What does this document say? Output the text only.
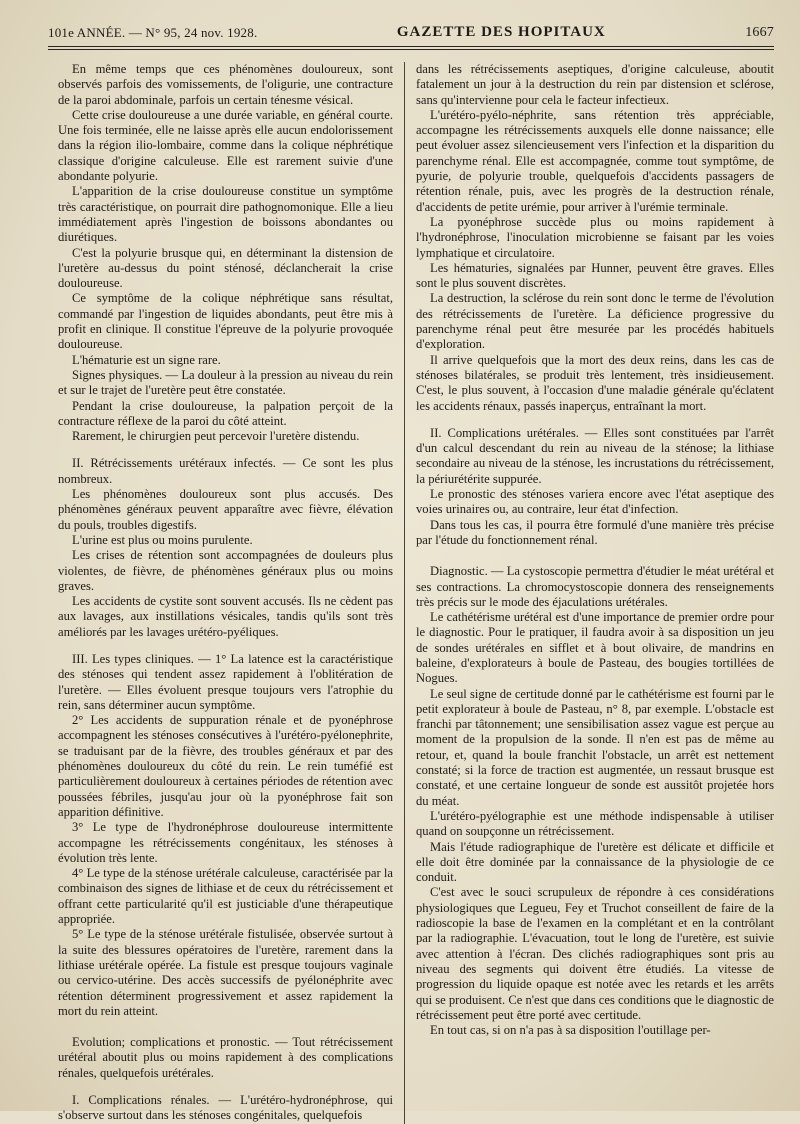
101e ANNÉE. — N° 95, 24 nov. 1928.	GAZETTE DES HOPITAUX	1667

En même temps que ces phénomènes douloureux, sont observés parfois des vomissements, de l'oligurie, une contracture de la paroi abdominale, parfois un certain ténesme vésical.

Cette crise douloureuse a une durée variable, en général courte. Une fois terminée, elle ne laisse après elle aucun endolorissement dans la région ilio-lombaire, comme dans la colique néphrétique classique d'origine calculeuse. Elle est rarement suivie d'une abondante polyurie.

L'apparition de la crise douloureuse constitue un symptôme très caractéristique, on pourrait dire pathognomonique. Elle a lieu immédiatement après l'ingestion de boissons abondantes ou diurétiques.

C'est la polyurie brusque qui, en déterminant la distension de l'uretère au-dessus du point sténosé, déclancherait la crise douloureuse.

Ce symptôme de la colique néphrétique sans résultat, commandé par l'ingestion de liquides abondants, peut être mis à profit en clinique. Il constitue l'épreuve de la polyurie provoquée douloureuse.

L'hématurie est un signe rare.

Signes physiques. — La douleur à la pression au niveau du rein et sur le trajet de l'uretère peut être constatée.

Pendant la crise douloureuse, la palpation perçoit de la contracture réflexe de la paroi du côté atteint.

Rarement, le chirurgien peut percevoir l'uretère distendu.

II. Rétrécissements urétéraux infectés. — Ce sont les plus nombreux.

Les phénomènes douloureux sont plus accusés. Des phénomènes généraux peuvent apparaître avec fièvre, élévation du pouls, troubles digestifs.

L'urine est plus ou moins purulente.

Les crises de rétention sont accompagnées de douleurs plus violentes, de fièvre, de phénomènes généraux plus ou moins graves.

Les accidents de cystite sont souvent accusés. Ils ne cèdent pas aux lavages, aux instillations vésicales, tandis qu'ils sont très améliorés par les lavages urétéro-pyéliques.

III. Les types cliniques. — 1° La latence est la caractéristique des sténoses qui tendent assez rapidement à l'oblitération de l'uretère. — Elles évoluent presque toujours vers l'atrophie du rein, sans déterminer aucun symptôme.

2° Les accidents de suppuration rénale et de pyonéphrose accompagnent les sténoses consécutives à l'urétéro-pyélonephrite, se traduisant par de la fièvre, des troubles généraux et par des phénomènes douloureux du côté du rein. Le rein tuméfié est particulièrement douloureux à certaines périodes de rétention avec poussées fébriles, jusqu'au jour où la pyonéphrose fait son apparition définitive.

3° Le type de l'hydronéphrose douloureuse intermittente accompagne les rétrécissements congénitaux, les sténoses à évolution très lente.

4° Le type de la sténose urétérale calculeuse, caractérisée par la combinaison des signes de lithiase et de ceux du rétrécissement et offrant cette particularité qu'il est justiciable d'une thérapeutique appropriée.

5° Le type de la sténose urétérale fistulisée, observée surtout à la suite des blessures opératoires de l'uretère, rarement dans la lithiase urétérale opérée. La fistule est presque toujours vaginale ou cervico-utérine. Des accès successifs de pyélonéphrite avec rétention déterminent progressivement et assez rapidement la mort du rein atteint.

Evolution; complications et pronostic. — Tout rétrécissement urétéral aboutit plus ou moins rapidement à des complications rénales, quelquefois urétérales.

I. Complications rénales. — L'urétéro-hydronéphrose, qui s'observe surtout dans les sténoses congénitales, quelquefois

dans les rétrécissements aseptiques, d'origine calculeuse, aboutit fatalement un jour à la destruction du rein par distension et sclérose, sans qu'intervienne pour cela le facteur infectieux.

L'urétéro-pyélo-néphrite, sans rétention très appréciable, accompagne les rétrécissements auxquels elle donne naissance; elle peut évoluer assez silencieusement vers l'infection et la disparition du parenchyme rénal. Elle est accompagnée, comme tout symptôme, de pyurie, de polyurie trouble, quelquefois d'accidents passagers de rétention rénale, puis, avec les progrès de la destruction rénale, d'accidents de petite urémie, pour arriver à l'urémie terminale.

La pyonéphrose succède plus ou moins rapidement à l'hydronéphrose, l'inoculation microbienne se faisant par les voies lymphatique et circulatoire.

Les hématuries, signalées par Hunner, peuvent être graves. Elles sont le plus souvent discrètes.

La destruction, la sclérose du rein sont donc le terme de l'évolution des rétrécissements de l'uretère. La déficience progressive du parenchyme rénal peut être mesurée par les procédés habituels d'exploration.

Il arrive quelquefois que la mort des deux reins, dans les cas de sténoses bilatérales, se produit très lentement, très insidieusement. C'est, le plus souvent, à l'occasion d'une maladie générale qu'éclatent les accidents rénaux, passés inaperçus, entraînant la mort.

II. Complications urétérales. — Elles sont constituées par l'arrêt d'un calcul descendant du rein au niveau de la sténose; la lithiase secondaire au niveau de la sténose, les incrustations du rétrécissement, la périurétérite suppurée.

Le pronostic des sténoses variera encore avec l'état aseptique des voies urinaires ou, au contraire, leur état d'infection.

Dans tous les cas, il pourra être formulé d'une manière très précise par l'étude du fonctionnement rénal.

Diagnostic. — La cystoscopie permettra d'étudier le méat urétéral et ses contractions. La chromocystoscopie donnera des renseignements très précis sur le mode des éjaculations urétérales.

Le cathétérisme urétéral est d'une importance de premier ordre pour le diagnostic. Pour le pratiquer, il faudra avoir à sa disposition un jeu de sondes urétérales en sifflet et à bout olivaire, de mandrins en baleine, d'explorateurs à boule de Pasteau, des bougies tortillées de Nogues.

Le seul signe de certitude donné par le cathétérisme est fourni par le petit explorateur à boule de Pasteau, n° 8, par exemple. L'obstacle est franchi par tâtonnement; une sensibilisation assez vague est perçue au moment de la propulsion de la sonde. Il n'en est pas de même au retour, et, quand la boule franchit l'obstacle, un arrêt est nettement constaté; si la force de traction est augmentée, un ressaut brusque est constaté, et une certaine longueur de sonde est aussitôt projetée hors du méat.

L'urétéro-pyélographie est une méthode indispensable à utiliser quand on soupçonne un rétrécissement.

Mais l'étude radiographique de l'uretère est délicate et difficile et elle doit être dominée par la connaissance de la physiologie de ce conduit.

C'est avec le souci scrupuleux de répondre à ces considérations physiologiques que Legueu, Fey et Truchot conseillent de faire de la radioscopie la base de l'examen en la complétant et en la contrôlant par la radiographie. L'évacuation, tout le long de l'uretère, est suivie avec attention à l'écran. Des clichés radiographiques sont pris au niveau des segments qui doivent être étudiés. La vitesse de progression du liquide opaque est notée avec les retards et les arrêts qui se produisent. Ce n'est que dans ces conditions que le diagnostic de rétrécissement peut être porté avec certitude.

En tout cas, si on n'a pas à sa disposition l'outillage per-
